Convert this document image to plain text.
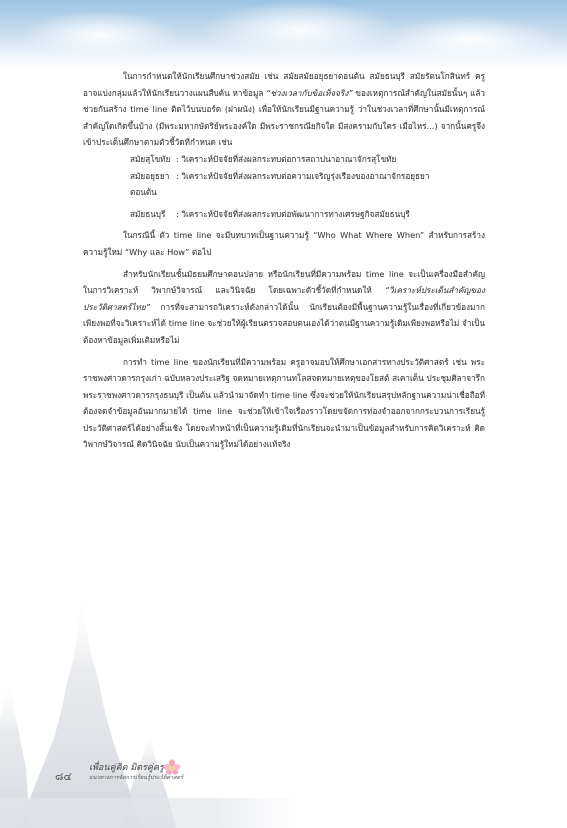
ในการกำหนดให้นักเรียนศึกษาช่วงสมัย เช่น สมัยสมัยอยุธยาตอนต้น สมัยธนบุรี สมัยรัตนโกสินทร์ ครูอาจแบ่งกลุ่มแล้วให้นักเรียนวางแผนสืบค้น หาข้อมูล “ช่วงเวลากับข้อเท็จจริง” ของเหตุการณ์สำคัญในสมัยนั้นๆ แล้วช่วยกันสร้าง time line ติดไว้บนบอร์ด (ฝาผนัง) เพื่อให้นักเรียนมีฐานความรู้ ว่าในช่วงเวลาที่ศึกษานั้นมีเหตุการณ์สำคัญใดเกิดขึ้นบ้าง (มีพระมหากษัตริย์พระองค์ใด มีพระราชกรณียกิจใด มีสงครามกับใคร เมื่อไหร่...) จากนั้นครูจึงเข้าประเด็นศึกษาตามตัวชี้วัดที่กำหนด เช่น

สมัยสุโขทัย : วิเคราะห์ปัจจัยที่ส่งผลกระทบต่อการสถาปนาอาณาจักรสุโขทัย
สมัยอยุธยาตอนต้น
: วิเคราะห์ปัจจัยที่ส่งผลกระทบต่อความเจริญรุ่งเรืองของอาณาจักรอยุธยา
สมัยธนบุรี	: วิเคราะห์ปัจจัยที่ส่งผลกระทบต่อพัฒนาการทางเศรษฐกิจสมัยธนบุรี

ในกรณีนี้ ตัว time line จะมีบทบาทเป็นฐานความรู้ “Who What Where When” สำหรับการสร้างความรู้ใหม่ “Why และ How” ต่อไป

สำหรับนักเรียนชั้นมัธยมศึกษาตอนปลาย หรือนักเรียนที่มีความพร้อม time line จะเป็นเครื่องมือสำคัญในการวิเคราะห์ วิพากษ์วิจารณ์ และวินิจฉัย โดยเฉพาะตัวชี้วัดที่กำหนดให้ “วิเคราะห์ประเด็นสำคัญของประวัติศาสตร์ไทย” การที่จะสามารถวิเคราะห์ดังกล่าวได้นั้น นักเรียนต้องมีพื้นฐานความรู้ในเรื่องที่เกี่ยวข้องมากเพียงพอที่จะวิเคราะห์ได้ time line จะช่วยให้ผู้เรียนตรวจสอบตนเองได้ว่าตนมีฐานความรู้เดิมเพียงพอหรือไม่ จำเป็นต้องหาข้อมูลเพิ่มเติมหรือไม่

การทำ time line ของนักเรียนที่มีความพร้อม ครูอาจมอบให้ศึกษาเอกสารทางประวัติศาสตร์ เช่น พระราชพงศาวดารกรุงเก่า ฉบับหลวงประเสริฐ จดหมายเหตุกานทโลสจดหมายเหตุของโยสต์ สเคาเต็น ประชุมศิลาจารึก พระราชพงศาวดารกรุงธนบุรี เป็นต้น แล้วนำมาจัดทำ time line ซึ่งจะช่วยให้นักเรียนสรุปหลักฐานความน่าเชื่อถือที่ต้องจดจำข้อมูลอันมากมายได้ time line จะช่วยให้เข้าใจเรื่องราวโดยขจัดการท่องจำออกจากกระบวนการเรียนรู้ประวัติศาสตร์ได้อย่างสิ้นเชิง โดยจะทำหน้าที่เป็นความรู้เดิมที่นักเรียนจะนำมาเป็นข้อมูลสำหรับการคิดวิเคราะห์ คิดวิพากษ์วิจารณ์ คิดวินิจฉัย นับเป็นความรู้ใหม่ได้อย่างแท้จริง

๘๔
เพื่อนคู่คิด มิตรคู่ครู
แนวทางการจัดการเรียนรู้ประวัติศาสตร์
